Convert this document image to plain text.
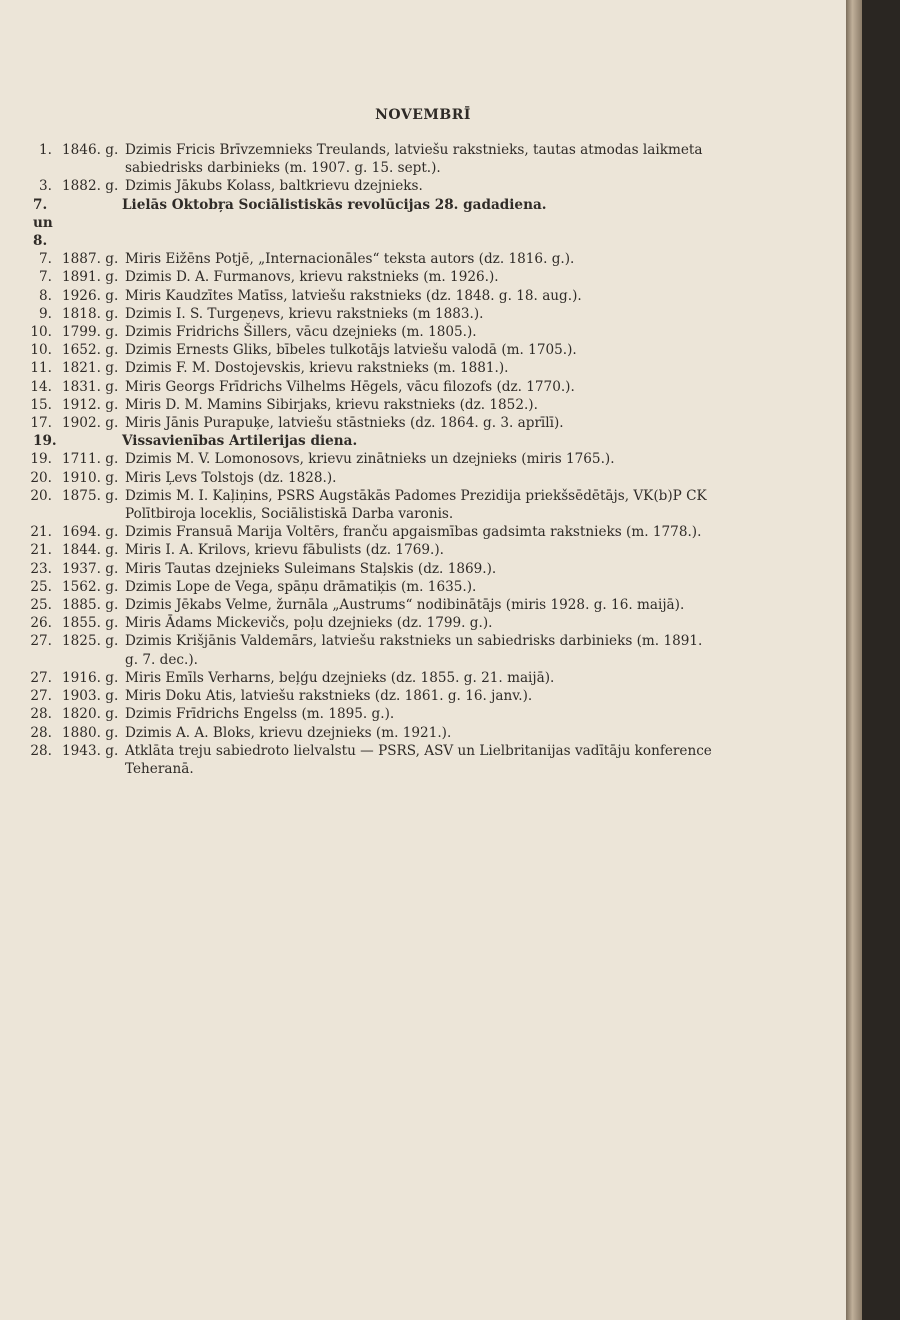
NOVEMBRĪ
1. 1846. g. Dzimis Fricis Brīvzemnieks Treulands, latviešu rakstnieks, tautas atmodas laikmeta sabiedrisks darbinieks (m. 1907. g. 15. sept.).
3. 1882. g. Dzimis Jākubs Kolass, baltkrievu dzejnieks.
7. un 8.
Lielās Oktobŗa Sociālistiskās revolūcijas 28. gadadiena.
7. 1887. g. Miris Eižēns Potjē, „Internacionāles“ teksta autors (dz. 1816. g.).
7. 1891. g. Dzimis D. A. Furmanovs, krievu rakstnieks (m. 1926.).
8. 1926. g. Miris Kaudzītes Matīss, latviešu rakstnieks (dz. 1848. g. 18. aug.).
9. 1818. g. Dzimis I. S. Turgeņevs, krievu rakstnieks (m 1883.).
10. 1799. g. Dzimis Fridrichs Šillers, vācu dzejnieks (m. 1805.).
10. 1652. g. Dzimis Ernests Gliks, bībeles tulkotājs latviešu valodā (m. 1705.).
11. 1821. g. Dzimis F. M. Dostojevskis, krievu rakstnieks (m. 1881.).
14. 1831. g. Miris Georgs Frīdrichs Vilhelms Hēgels, vācu filozofs (dz. 1770.).
15. 1912. g. Miris D. M. Mamins Sibirjaks, krievu rakstnieks (dz. 1852.).
17. 1902. g. Miris Jānis Purapuķe, latviešu stāstnieks (dz. 1864. g. 3. aprīlī).
19.	Vissavienības Artilerijas diena.
19. 1711. g. Dzimis M. V. Lomonosovs, krievu zinātnieks un dzejnieks (miris 1765.).
20. 1910. g. Miris Ļevs Tolstojs (dz. 1828.).
20. 1875. g. Dzimis M. I. Kaļiņins, PSRS Augstākās Padomes Prezidija priekšsēdētājs, VK(b)P CK Polītbiroja loceklis, Sociālistiskā Darba varonis.
21. 1694. g. Dzimis Fransuā Marija Voltērs, franču apgaismības gadsimta rakstnieks (m. 1778.).
21. 1844. g. Miris I. A. Krilovs, krievu fābulists (dz. 1769.).
23. 1937. g. Miris Tautas dzejnieks Suleimans Staļskis (dz. 1869.).
25. 1562. g. Dzimis Lope de Vega, spāņu drāmatiķis (m. 1635.).
25. 1885. g. Dzimis Jēkabs Velme, žurnāla „Austrums“ nodibinātājs (miris 1928. g. 16. maijā).
26. 1855. g. Miris Ādams Mickevičs, poļu dzejnieks (dz. 1799. g.).
27. 1825. g. Dzimis Krišjānis Valdemārs, latviešu rakstnieks un sabiedrisks darbinieks (m. 1891. g. 7. dec.).
27. 1916. g. Miris Emīls Verharns, beļģu dzejnieks (dz. 1855. g. 21. maijā).
27. 1903. g. Miris Doku Atis, latviešu rakstnieks (dz. 1861. g. 16. janv.).
28. 1820. g. Dzimis Frīdrichs Engelss (m. 1895. g.).
28. 1880. g. Dzimis A. A. Bloks, krievu dzejnieks (m. 1921.).
28. 1943. g. Atklāta treju sabiedroto lielvalstu — PSRS, ASV un Lielbritanijas vadītāju konference Teheranā.
